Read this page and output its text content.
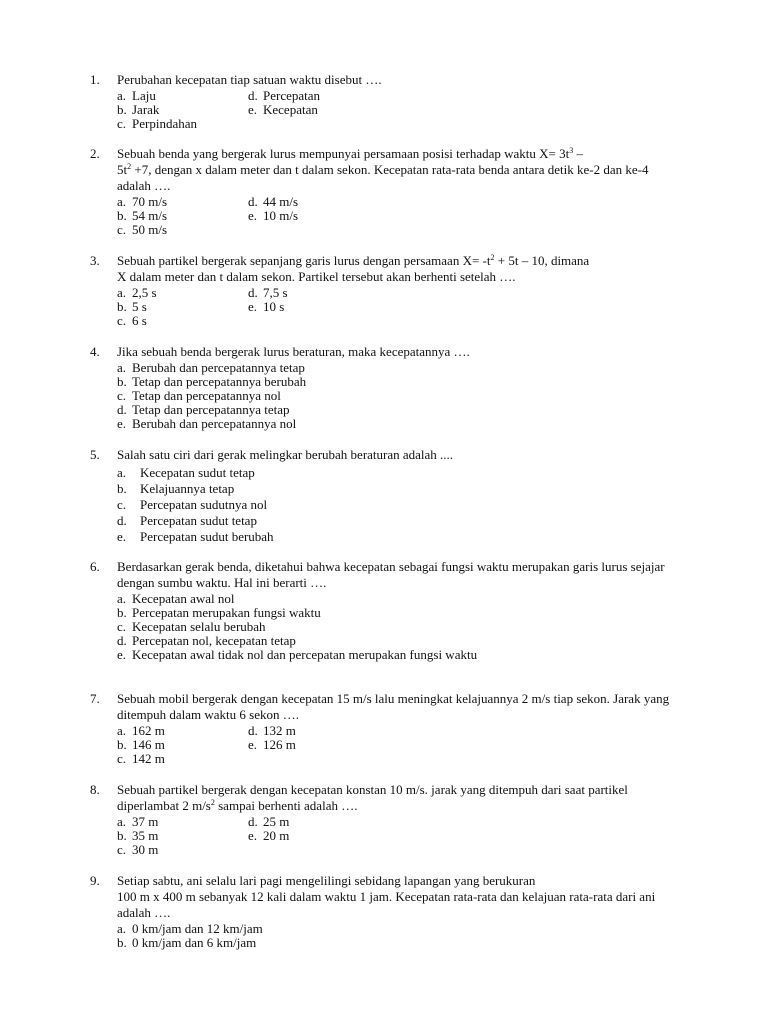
1.	Perubahan kecepatan tiap satuan waktu disebut ….
a. Laju	d. Percepatan
b. Jarak	e. Kecepatan
c. Perpindahan
2.	Sebuah benda yang bergerak lurus mempunyai persamaan posisi terhadap waktu $X= 3t^3$ –
$5t^2 +7$, dengan x dalam meter dan t dalam sekon. Kecepatan rata-rata benda antara detik ke-2 dan ke-4 adalah ….
a. 70 m/s	d. 44 m/s
b. 54 m/s	e. 10 m/s
c. 50 m/s
3.	Sebuah partikel bergerak sepanjang garis lurus dengan persamaan $X= -t^2 + 5t - 10$, dimana
X dalam meter dan t dalam sekon. Partikel tersebut akan berhenti setelah ….
a. 2,5 s	d. 7,5 s
b. 5 s	e. 10 s
c. 6 s
4.	Jika sebuah benda bergerak lurus beraturan, maka kecepatannya ….
a. Berubah dan percepatannya tetap
b. Tetap dan percepatannya berubah
c. Tetap dan percepatannya nol
d. Tetap dan percepatannya tetap
e. Berubah dan percepatannya nol
5.	Salah satu ciri dari gerak melingkar berubah beraturan adalah ....
a. Kecepatan sudut tetap
b. Kelajuannya tetap
c. Percepatan sudutnya nol
d. Percepatan sudut tetap
e. Percepatan sudut berubah
6.	Berdasarkan gerak benda, diketahui bahwa kecepatan sebagai fungsi waktu merupakan garis lurus sejajar dengan sumbu waktu. Hal ini berarti ….
a. Kecepatan awal nol
b. Percepatan merupakan fungsi waktu
c. Kecepatan selalu berubah
d. Percepatan nol, kecepatan tetap
e. Kecepatan awal tidak nol dan percepatan merupakan fungsi waktu
7.	Sebuah mobil bergerak dengan kecepatan 15 m/s lalu meningkat kelajuannya 2 m/s tiap sekon. Jarak yang ditempuh dalam waktu 6 sekon ….
a. 162 m	d. 132 m
b. 146 m	e. 126 m
c. 142 m
8.	Sebuah partikel bergerak dengan kecepatan konstan 10 m/s. jarak yang ditempuh dari saat partikel diperlambat 2 $m/s^2$ sampai berhenti adalah ….
a. 37 m	d. 25 m
b. 35 m	e. 20 m
c. 30 m
9.	Setiap sabtu, ani selalu lari pagi mengelilingi sebidang lapangan yang berukuran
100 m x 400 m sebanyak 12 kali dalam waktu 1 jam. Kecepatan rata-rata dan kelajuan rata-rata dari ani adalah ….
a. 0 km/jam dan 12 km/jam
b. 0 km/jam dan 6 km/jam
